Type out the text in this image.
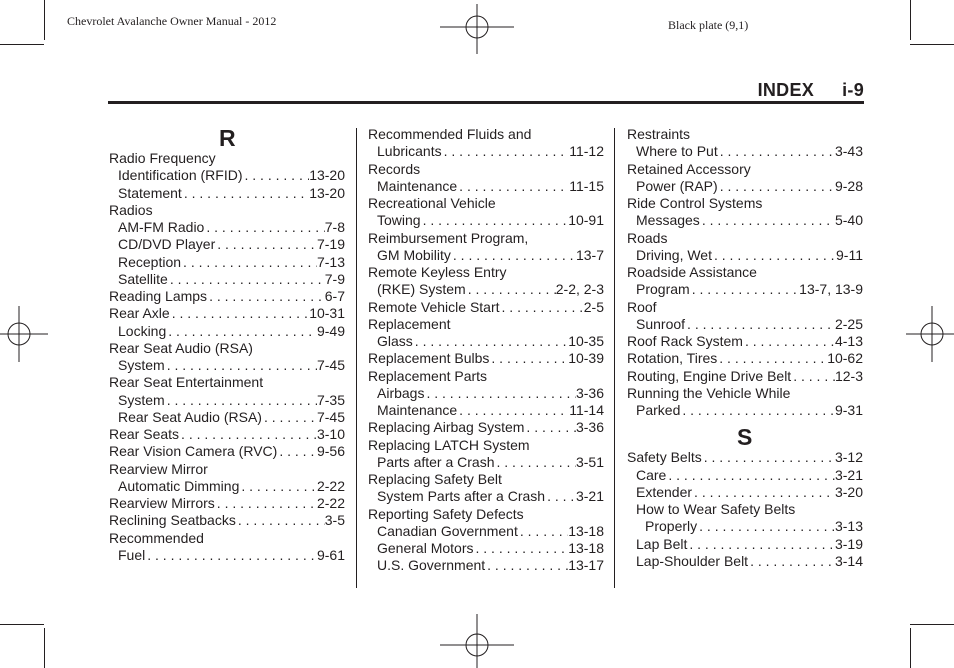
Chevrolet Avalanche Owner Manual - 2012	Black plate (9,1)
INDEX i-9
R
Radio Frequency
Identification (RFID) . . .	13-20
Statement . . .	13-20
Radios
AM-FM Radio . . .	7-8
CD/DVD Player . . .	7-19
Reception . . .	7-13
Satellite . . .	7-9
Reading Lamps . . .	6-7
Rear Axle . . .	10-31
Locking . . .	9-49
Rear Seat Audio (RSA)
System . . .	7-45
Rear Seat Entertainment
System . . .	7-35
Rear Seat Audio (RSA) . . .	7-45
Rear Seats . . .	3-10
Rear Vision Camera (RVC) . . .	9-56
Rearview Mirror
Automatic Dimming . . .	2-22
Rearview Mirrors . . .	2-22
Reclining Seatbacks . . .	3-5
Recommended
Fuel . . .	9-61
Recommended Fluids and
Lubricants . . .	11-12
Records
Maintenance . . .	11-15
Recreational Vehicle
Towing . . .	10-91
Reimbursement Program,
GM Mobility . . .	13-7
Remote Keyless Entry
(RKE) System . . .	2-2, 2-3
Remote Vehicle Start . . .	2-5
Replacement
Glass . . .	10-35
Replacement Bulbs . . .	10-39
Replacement Parts
Airbags . . .	3-36
Maintenance . . .	11-14
Replacing Airbag System . . .	3-36
Replacing LATCH System
Parts after a Crash . . .	3-51
Replacing Safety Belt
System Parts after a Crash . . . 3-21
Reporting Safety Defects
Canadian Government . . .	13-18
General Motors . . .	13-18
U.S. Government . . .	13-17
Restraints
Where to Put . . .	3-43
Retained Accessory
Power (RAP) . . .	9-28
Ride Control Systems
Messages . . .	5-40
Roads
Driving, Wet . . .	9-11
Roadside Assistance
Program . . .	13-7, 13-9
Roof
Sunroof . . .	2-25
Roof Rack System . . .	4-13
Rotation, Tires . . .	10-62
Routing, Engine Drive Belt . . .	12-3
Running the Vehicle While
Parked . . .	9-31
S
Safety Belts . . .	3-12
Care . . .	3-21
Extender . . .	3-20
How to Wear Safety Belts
Properly . . .	3-13
Lap Belt . . .	3-19
Lap-Shoulder Belt . . .	3-14
